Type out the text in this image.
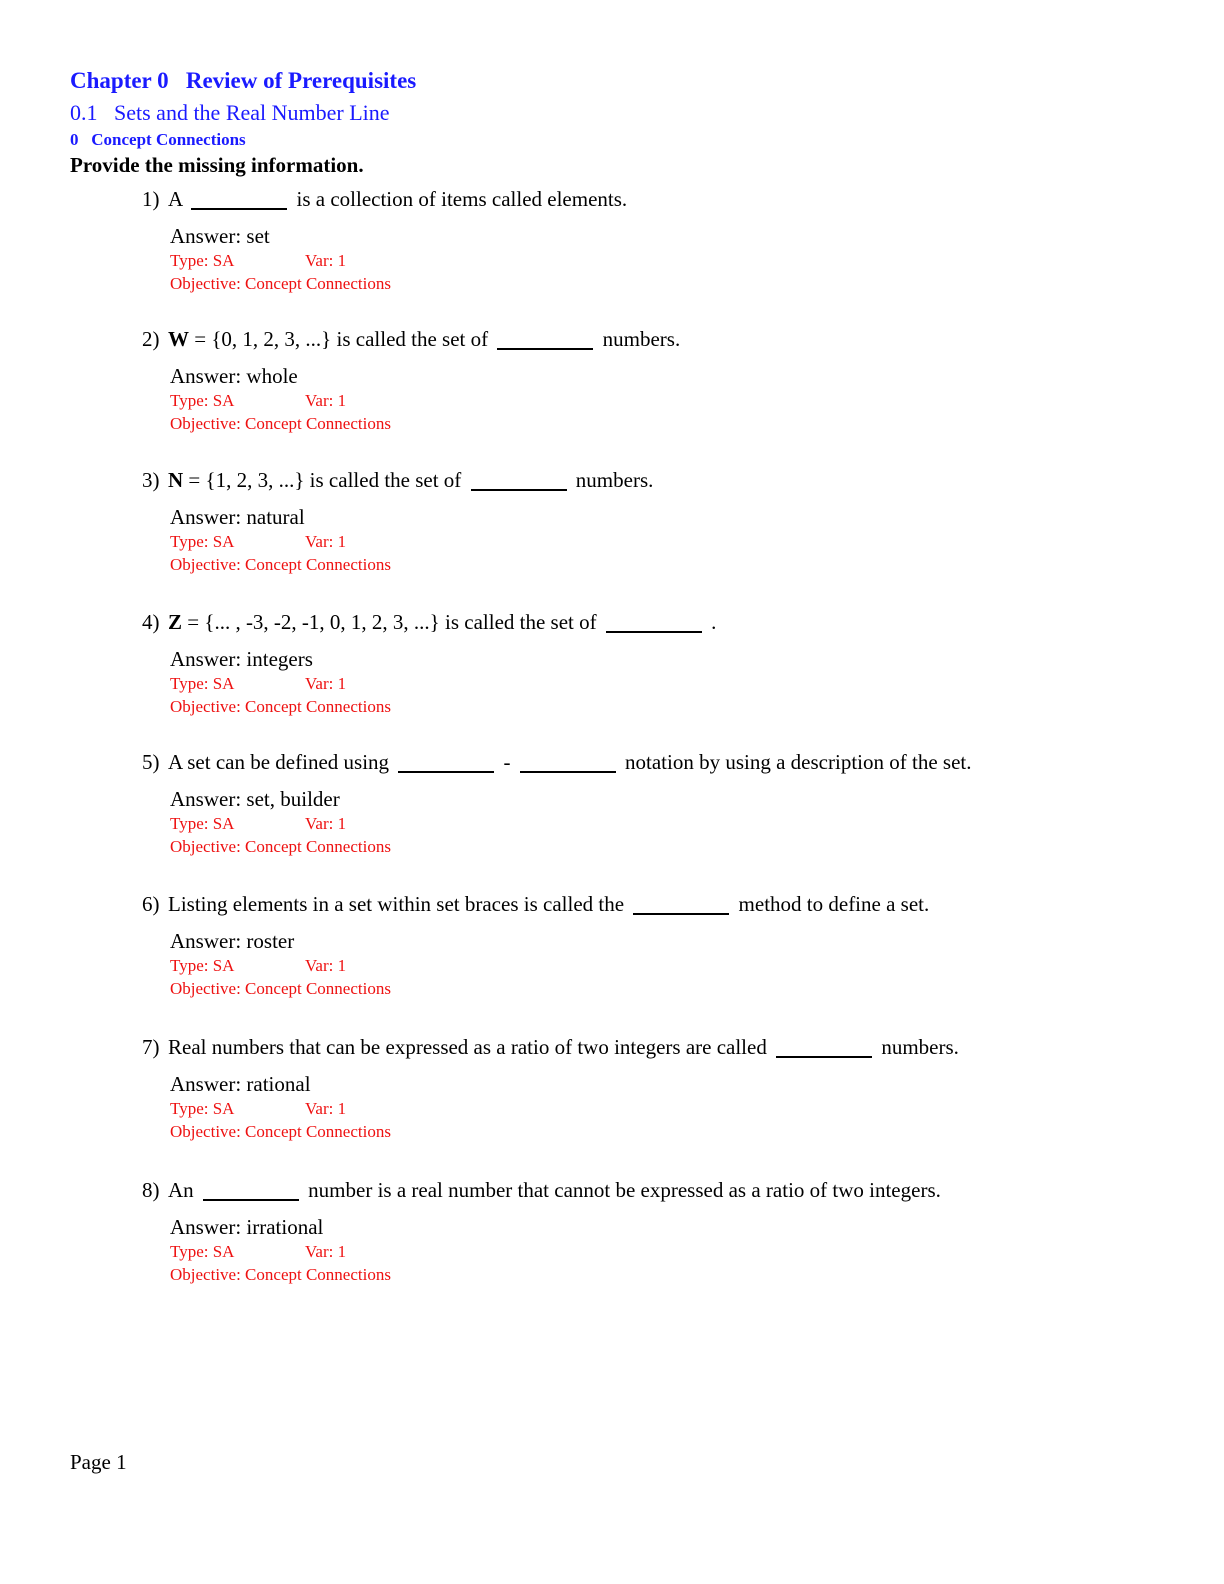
Chapter 0   Review of Prerequisites
0.1   Sets and the Real Number Line
0   Concept Connections
Provide the missing information.
1) A	is a collection of items called elements.
Answer: set
Type: SA	Var: 1
Objective: Concept Connections
2) W = {0, 1, 2, 3, ...} is called the set of	numbers.
Answer: whole
Type: SA	Var: 1
Objective: Concept Connections
3) N = {1, 2, 3, ...} is called the set of	numbers.
Answer: natural
Type: SA	Var: 1
Objective: Concept Connections
4) Z = {... , -3, -2, -1, 0, 1, 2, 3, ...} is called the set of	.
Answer: integers
Type: SA	Var: 1
Objective: Concept Connections
5) A set can be defined using	-	notation by using a description of the set.
Answer: set, builder
Type: SA	Var: 1
Objective: Concept Connections
6) Listing elements in a set within set braces is called the	method to define a set.
Answer: roster
Type: SA	Var: 1
Objective: Concept Connections
7) Real numbers that can be expressed as a ratio of two integers are called	numbers.
Answer: rational
Type: SA	Var: 1
Objective: Concept Connections
8) An	number is a real number that cannot be expressed as a ratio of two integers.
Answer: irrational
Type: SA	Var: 1
Objective: Concept Connections
Page 1
